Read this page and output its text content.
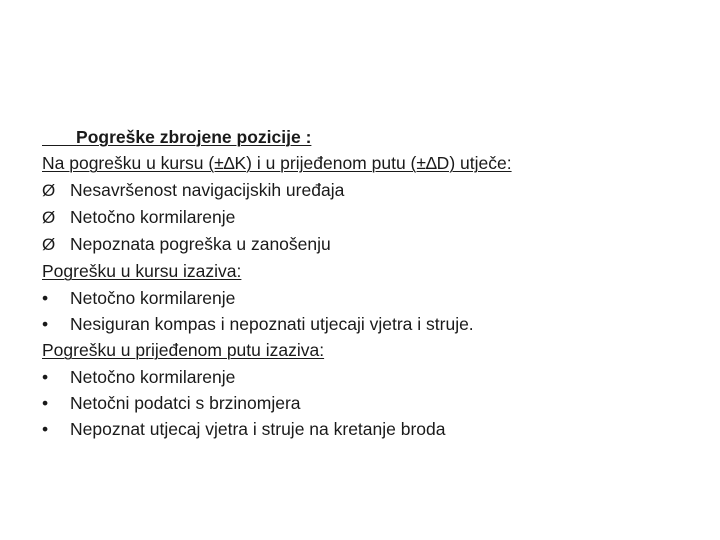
​       Pogreške zbrojene pozicije :
Na pogrešku u kursu (±∆K) i u prijeđenom putu (±∆D) utječe:
Ø Nesavršenost navigacijskih uređaja
Ø Netočno kormilarenje
Ø Nepoznata pogreška u zanošenju
Pogrešku u kursu izaziva:
• Netočno kormilarenje
• Nesiguran kompas i nepoznati utjecaji vjetra i struje.
Pogrešku u prijeđenom putu izaziva:
• Netočno kormilarenje
• Netočni podatci s brzinomjera
• Nepoznat utjecaj vjetra i struje na kretanje broda
